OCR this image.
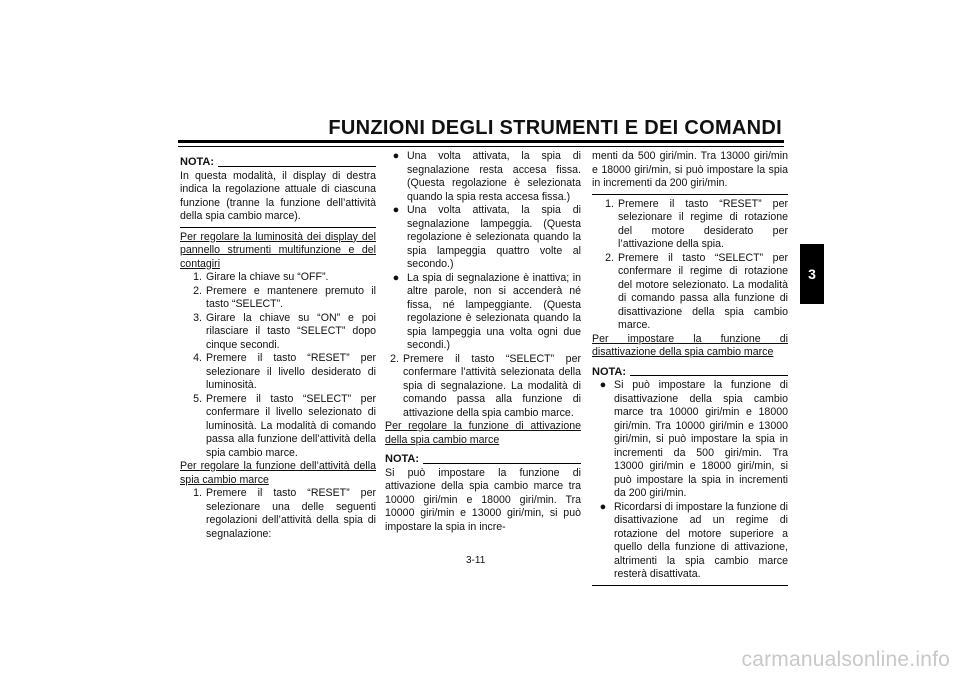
FUNZIONI DEGLI STRUMENTI E DEI COMANDI
3
NOTA:

In questa modalità, il display di destra indica la regolazione attuale di ciascuna funzione (tranne la funzione dell’attività della spia cambio marce).

Per regolare la luminosità dei display del pannello strumenti multifunzione e del contagiri

1. Girare la chiave su “OFF”.
2. Premere e mantenere premuto il tasto “SELECT”.
3. Girare la chiave su “ON” e poi rilasciare il tasto “SELECT” dopo cinque secondi.
4. Premere il tasto “RESET” per selezionare il livello desiderato di luminosità.
5. Premere il tasto “SELECT” per confermare il livello selezionato di luminosità. La modalità di comando passa alla funzione dell’attività della spia cambio marce.

Per regolare la funzione dell’attività della spia cambio marce

1. Premere il tasto “RESET” per selezionare una delle seguenti regolazioni dell’attività della spia di segnalazione:
● Una volta attivata, la spia di segnalazione resta accesa fissa. (Questa regolazione è selezionata quando la spia resta accesa fissa.)
● Una volta attivata, la spia di segnalazione lampeggia. (Questa regolazione è selezionata quando la spia lampeggia quattro volte al secondo.)
● La spia di segnalazione è inattiva; in altre parole, non si accenderà né fissa, né lampeggiante. (Questa regolazione è selezionata quando la spia lampeggia una volta ogni due secondi.)
2. Premere il tasto “SELECT” per confermare l’attività selezionata della spia di segnalazione. La modalità di comando passa alla funzione di attivazione della spia cambio marce.

Per regolare la funzione di attivazione della spia cambio marce

NOTA:

Si può impostare la funzione di attivazione della spia cambio marce tra 10000 giri/min e 18000 giri/min. Tra 10000 giri/min e 13000 giri/min, si può impostare la spia in incre-

menti da 500 giri/min. Tra 13000 giri/min e 18000 giri/min, si può impostare la spia in incrementi da 200 giri/min.

1. Premere il tasto “RESET” per selezionare il regime di rotazione del motore desiderato per l’attivazione della spia.
2. Premere il tasto “SELECT” per confermare il regime di rotazione del motore selezionato. La modalità di comando passa alla funzione di disattivazione della spia cambio marce.

Per impostare la funzione di disattivazione della spia cambio marce

NOTA:
● Si può impostare la funzione di disattivazione della spia cambio marce tra 10000 giri/min e 18000 giri/min. Tra 10000 giri/min e 13000 giri/min, si può impostare la spia in incrementi da 500 giri/min. Tra 13000 giri/min e 18000 giri/min, si può impostare la spia in incrementi da 200 giri/min.
● Ricordarsi di impostare la funzione di disattivazione ad un regime di rotazione del motore superiore a quello della funzione di attivazione, altrimenti la spia cambio marce resterà disattivata.
3-11
carmanualsonline.info
